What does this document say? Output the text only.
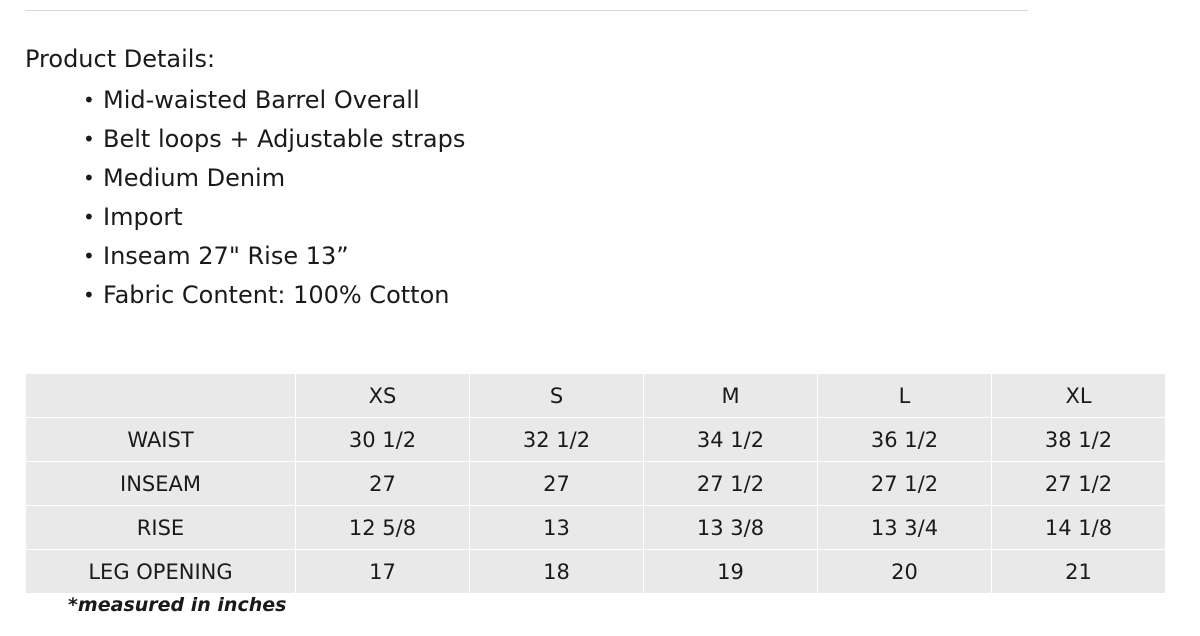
Product Details:
• Mid-waisted Barrel Overall
• Belt loops + Adjustable straps
• Medium Denim
• Import
• Inseam 27" Rise 13”
• Fabric Content: 100% Cotton
	XS	S	M	L	XL
WAIST	30 1/2	32 1/2	34 1/2	36 1/2	38 1/2
INSEAM	27	27	27 1/2	27 1/2	27 1/2
RISE	12 5/8	13	13 3/8	13 3/4	14 1/8
LEG OPENING	17	18	19	20	21
*measured in inches
